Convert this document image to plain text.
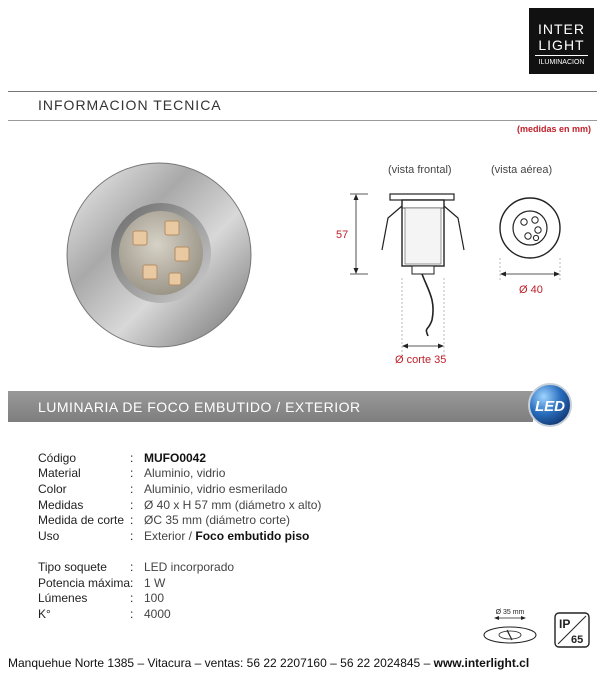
INTER
LIGHT
ILUMINACION
INFORMACION TECNICA
(medidas en mm)
(vista frontal)	(vista aérea)
57
Ø 40
Ø corte 35
LUMINARIA DE FOCO EMBUTIDO / EXTERIOR	LED
Código	: MUFO0042
Material	: Aluminio, vidrio
Color	: Aluminio, vidrio esmerilado
Medidas	: Ø 40 x H 57 mm (diámetro x alto)
Medida de corte : ØC 35 mm (diámetro corte)
Uso	: Exterior / Foco embutido piso
Tipo soquete : LED incorporado
Potencia máxima : 1 W
Lúmenes	: 100
K°	: 4000	Ø 35 mm
IP
65
Manquehue Norte 1385 – Vitacura – ventas: 56 22 2207160 – 56 22 2024845 – www.interlight.cl
